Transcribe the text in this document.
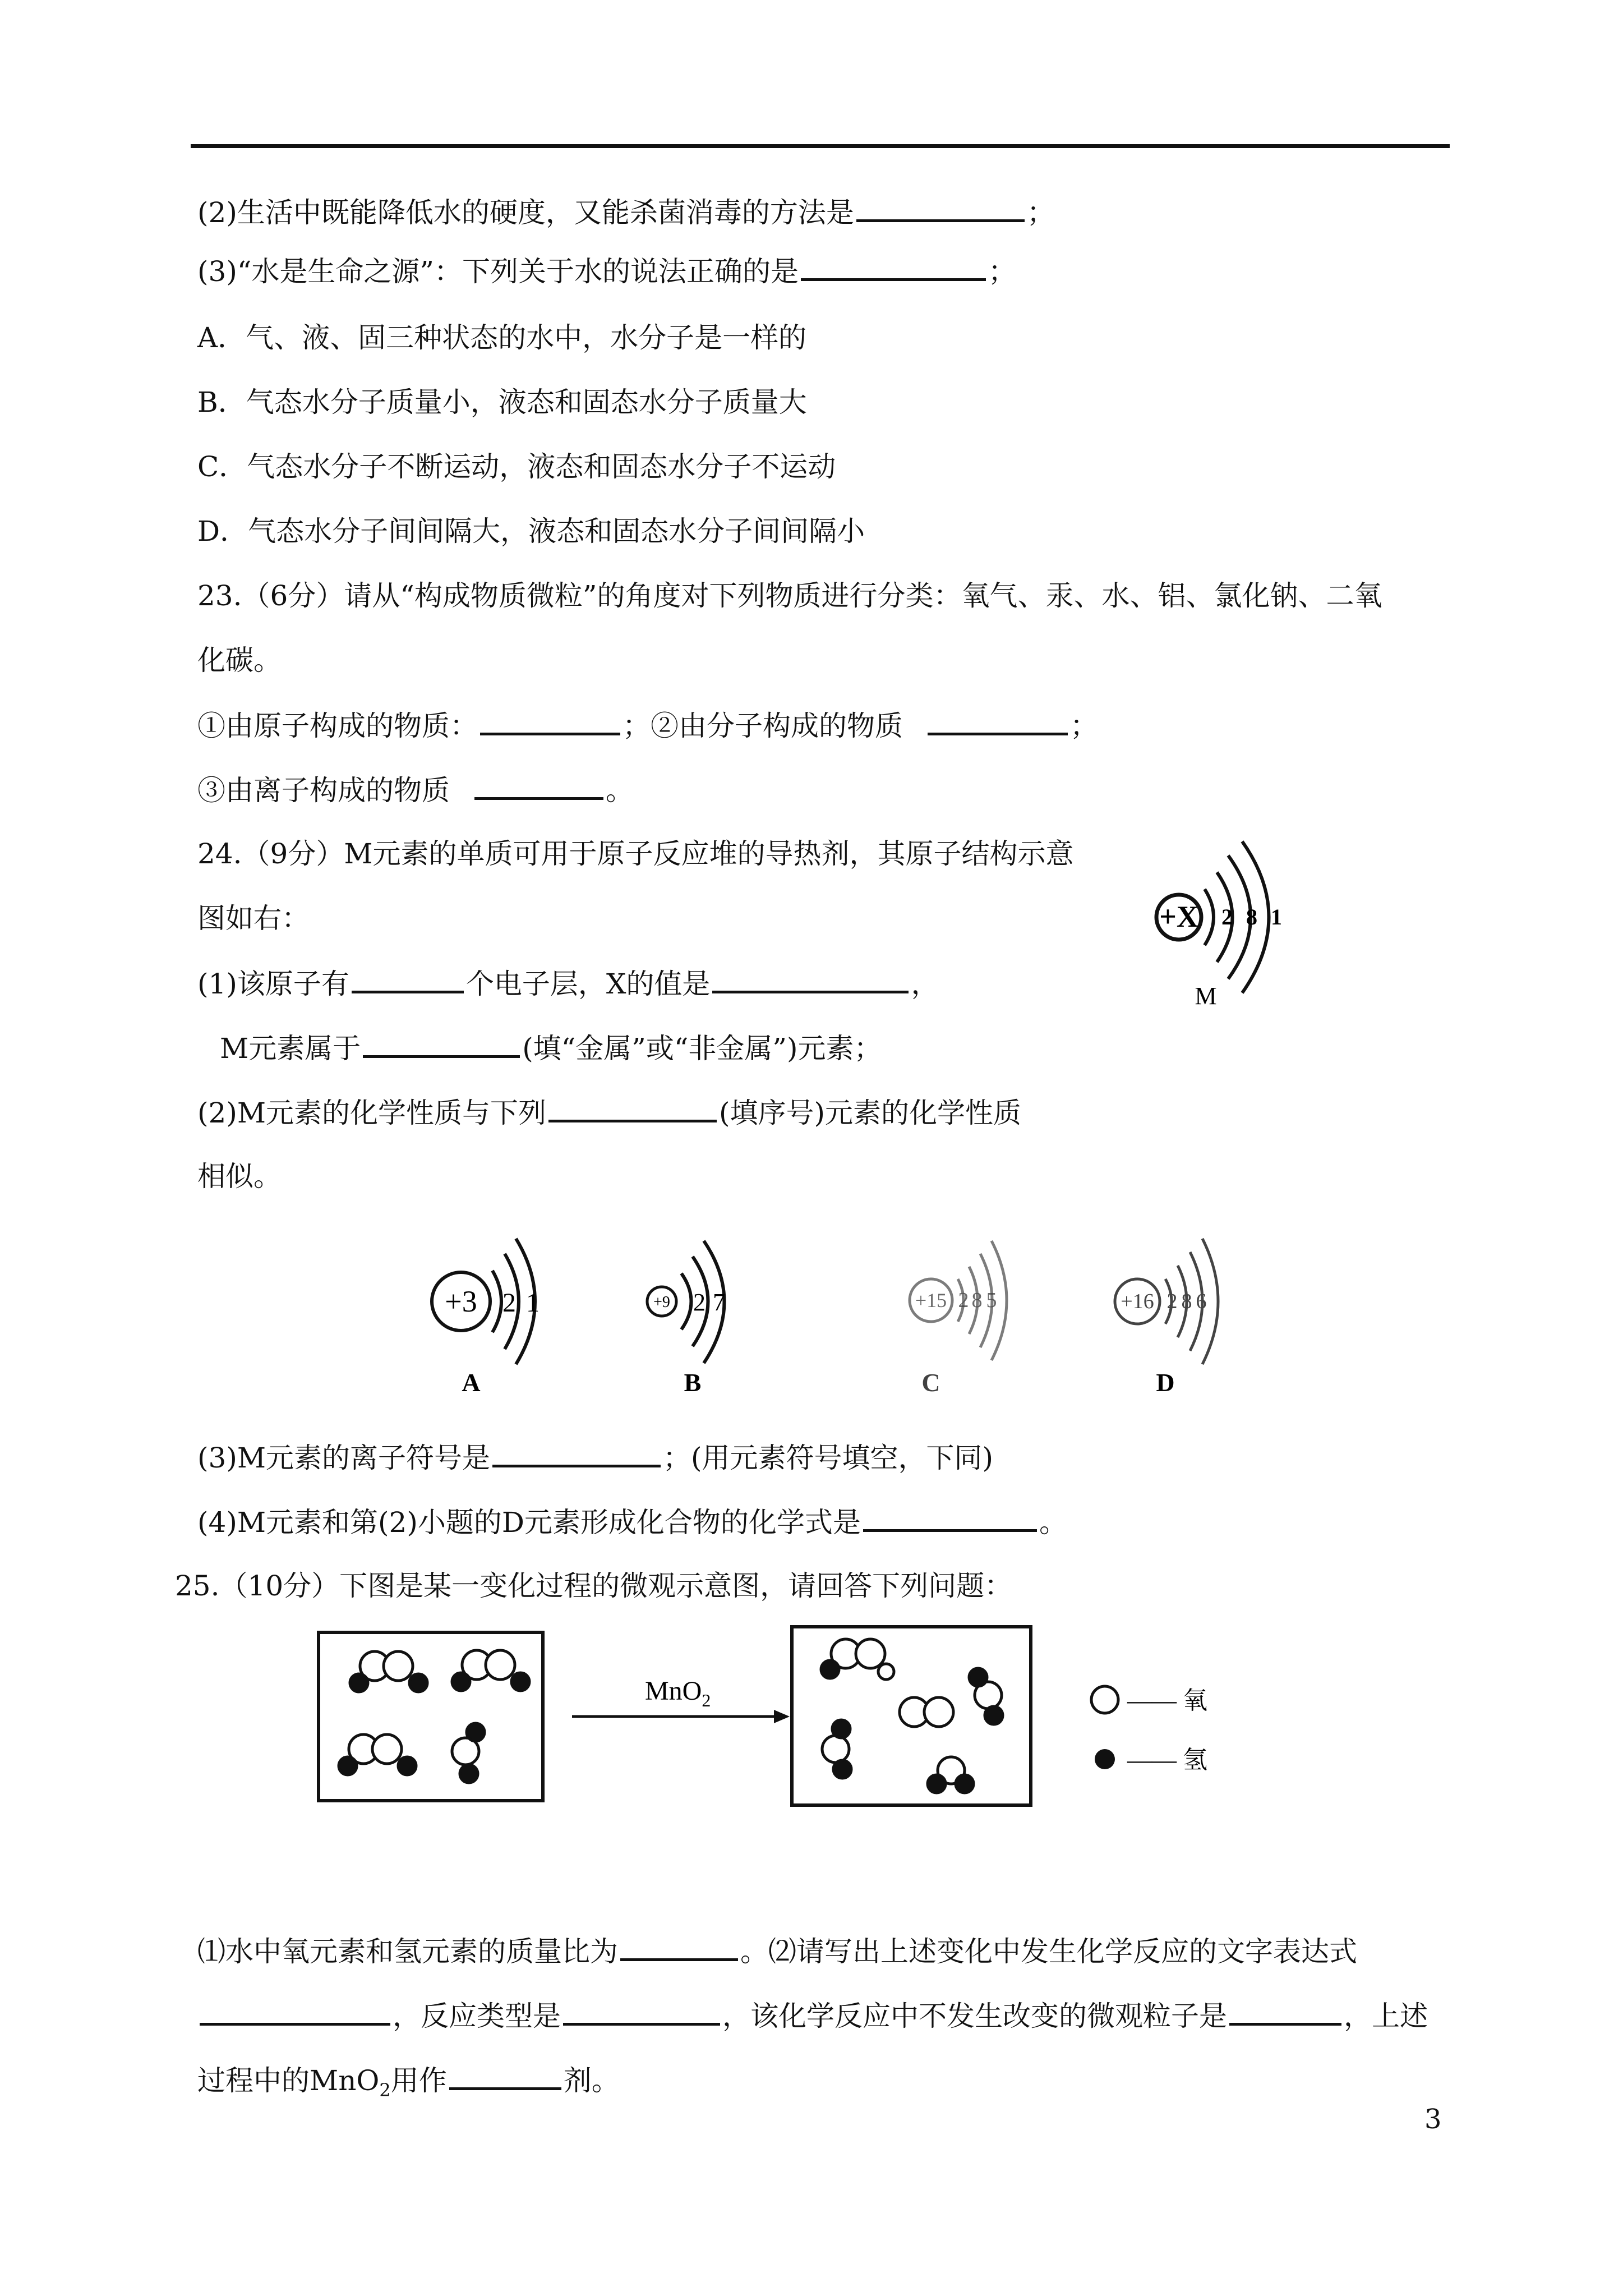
(2)生活中既能降低水的硬度，又能杀菌消毒的方法是	；
(3)“水是生命之源”：下列关于水的说法正确的是	；
A．气、液、固三种状态的水中，水分子是一样的
B．气态水分子质量小，液态和固态水分子质量大
C．气态水分子不断运动，液态和固态水分子不运动
D．气态水分子间间隔大，液态和固态水分子间间隔小
23.（6分）请从“构成物质微粒”的角度对下列物质进行分类：氧气、汞、水、铝、氯化钠、二氧
化碳。
①由原子构成的物质：	；②由分子构成的物质	；
③由离子构成的物质	。
24.（9分）M元素的单质可用于原子反应堆的导热剂，其原子结构示意
图如右：	+X 2 8 1
M
(1)该原子有	个电子层，X的值是	，
M元素属于	(填“金属”或“非金属”)元素；
(2)M元素的化学性质与下列	(填序号)元素的化学性质
相似。
+3 2 1
A
+9 2 7
B
+15 2 8 5
C
+16 2 8 6
D
(3)M元素的离子符号是	；(用元素符号填空，下同)
(4)M元素和第(2)小题的D元素形成化合物的化学式是	。
25.（10分）下图是某一变化过程的微观示意图，请回答下列问题：
MnO$_2$	—— 氧
—— 氢
⑴水中氧元素和氢元素的质量比为	。⑵请写出上述变化中发生化学反应的文字表达式
，反应类型是	，该化学反应中不发生改变的微观粒子是	，上述
过程中的MnO$_2$用作	剂。
3
